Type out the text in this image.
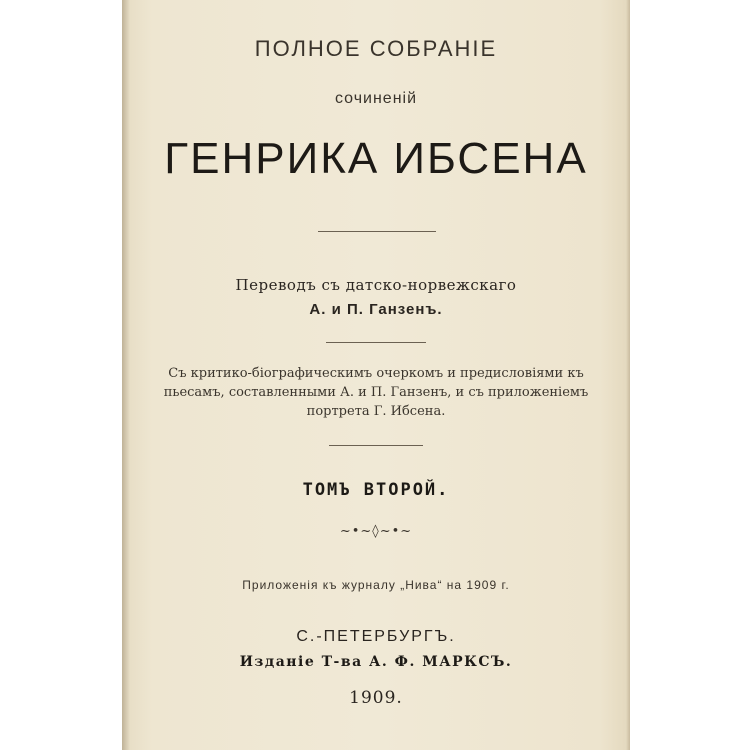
ПОЛНОЕ СОБРАНІЕ
сочиненій
ГЕНРИКА ИБСЕНА
Переводъ съ датско-норвежскаго
А. и П. Ганзенъ.
Съ критико-біографическимъ очеркомъ и предисловіями къ
пьесамъ, составленными А. и П. Ганзенъ, и съ приложеніемъ
портрета Г. Ибсена.
ТОМЪ ВТОРОЙ.
~•~◊~•~
Приложенія къ журналу „Нива“ на 1909 г.
С.-ПЕТЕРБУРГЪ.
Изданіе Т-ва А. Ф. МАРКСЪ.
1909.
